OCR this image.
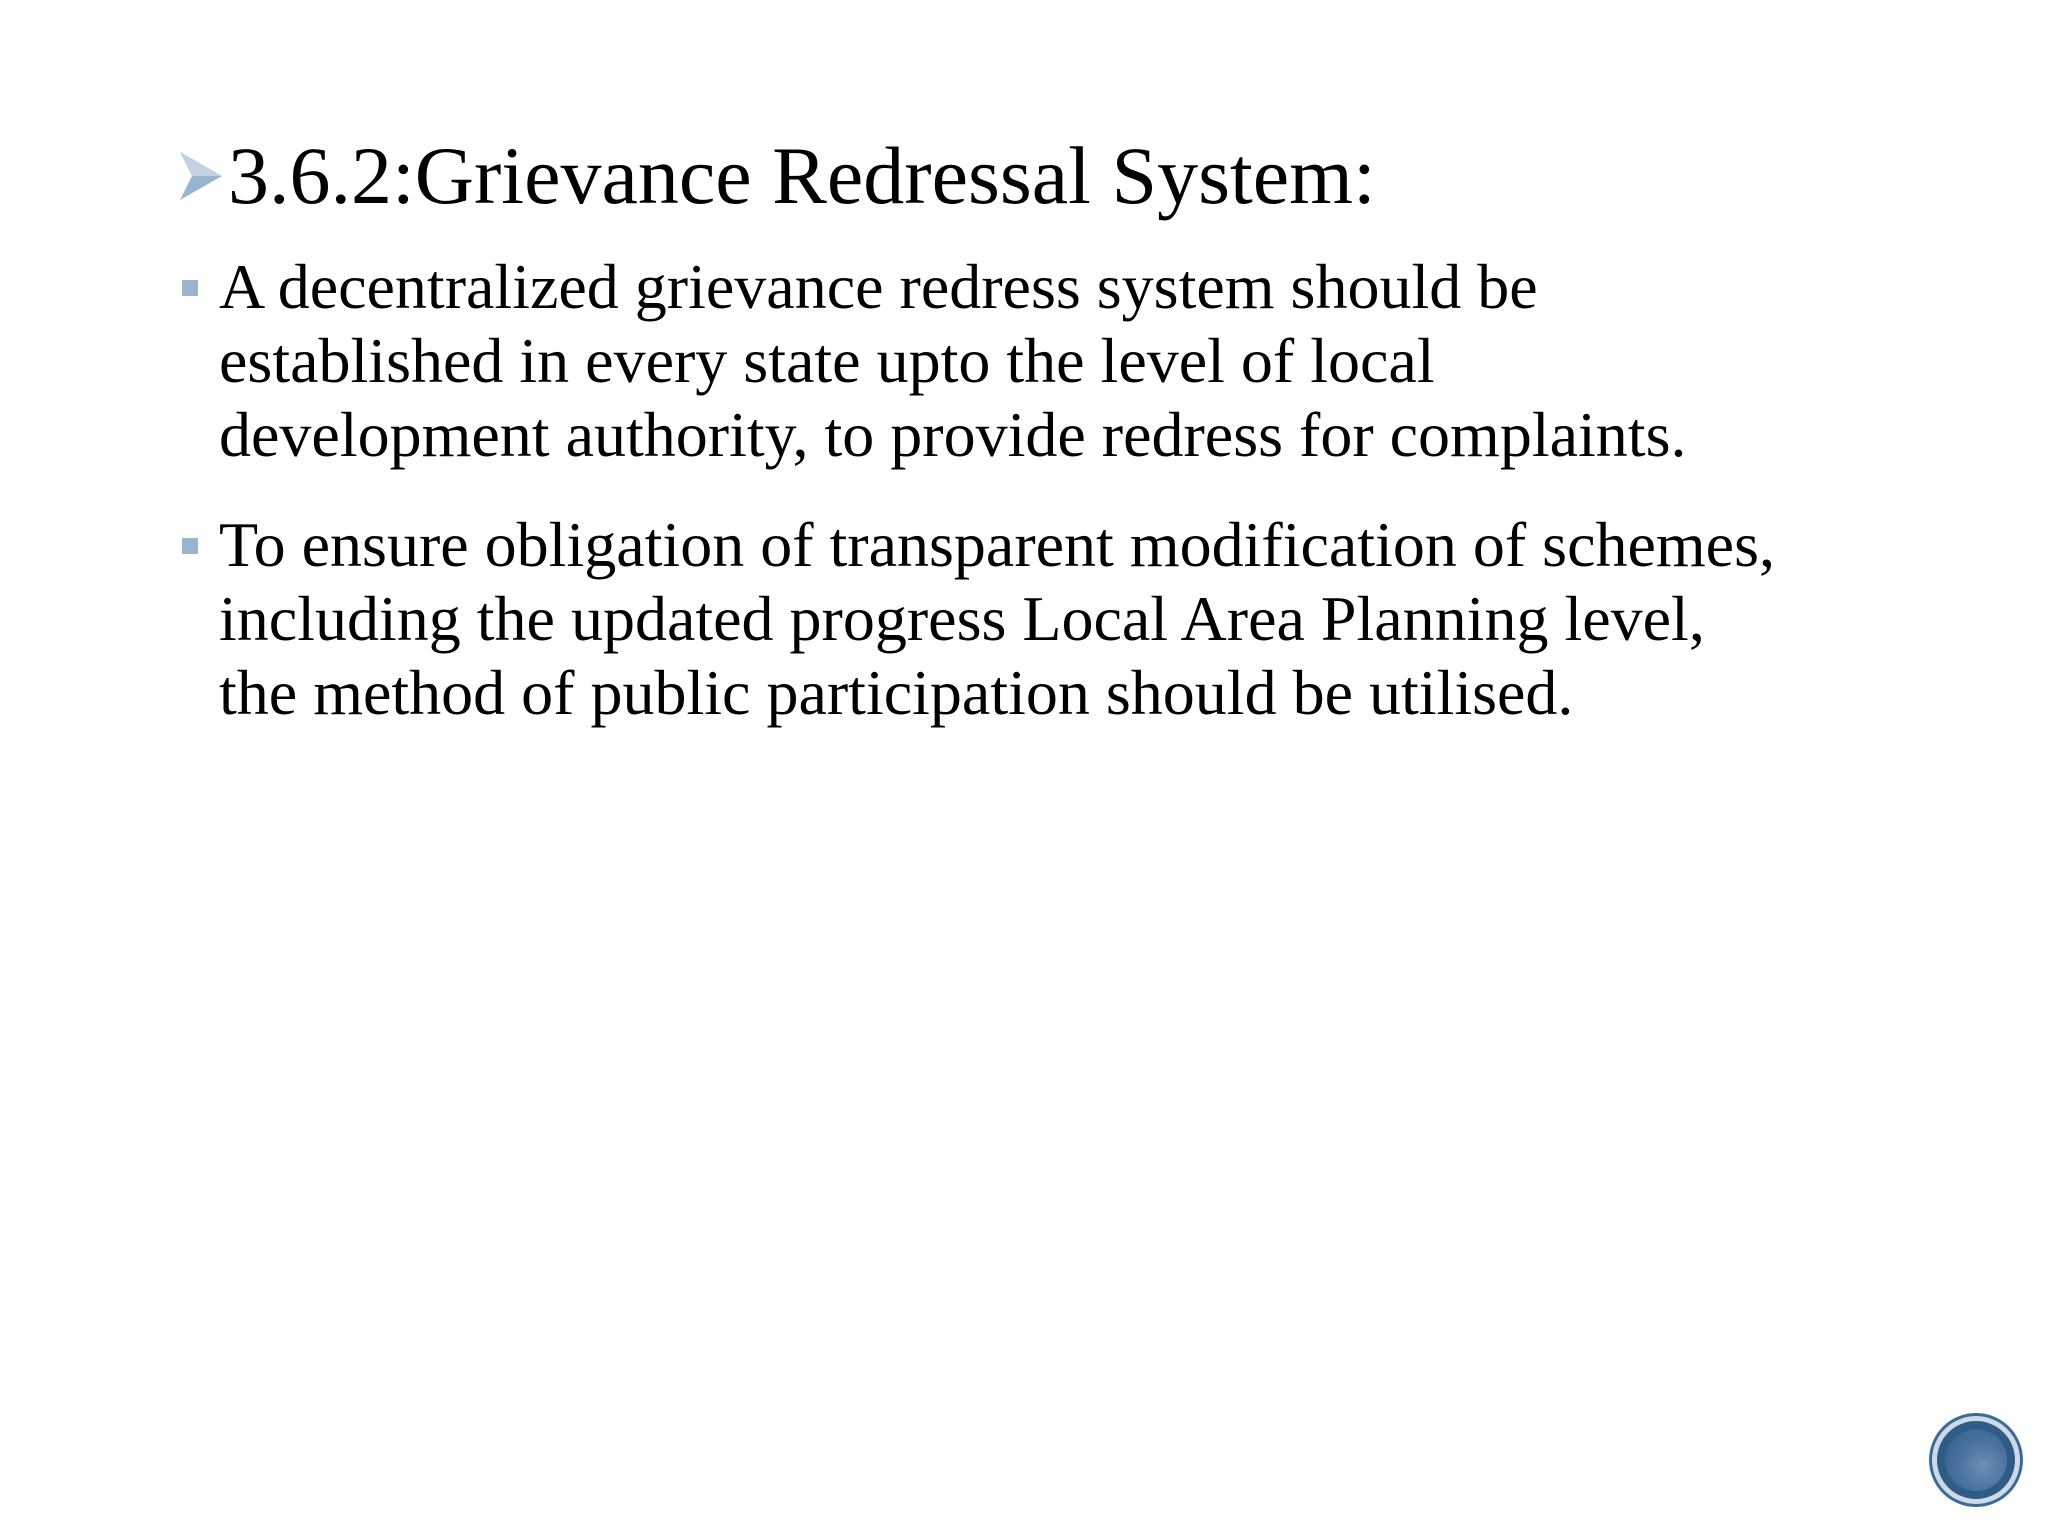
3.6.2:Grievance Redressal System:
A decentralized grievance redress system should be
established in every state upto the level of local
development authority, to provide redress for complaints.
To ensure obligation of transparent modification of schemes,
including the updated progress Local Area Planning level,
the method of public participation should be utilised.
